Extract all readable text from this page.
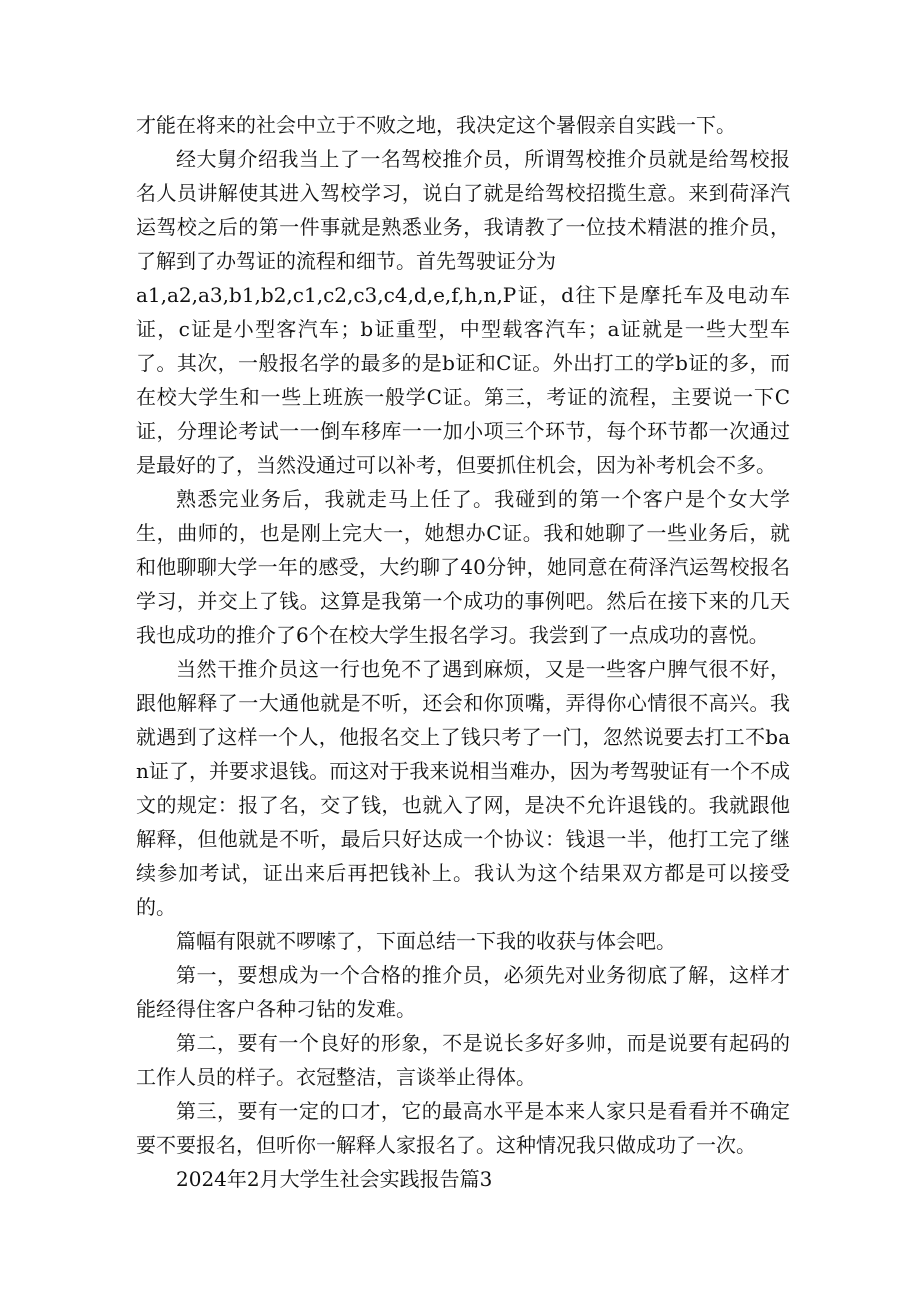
才能在将来的社会中立于不败之地，我决定这个暑假亲自实践一下。

经大舅介绍我当上了一名驾校推介员，所谓驾校推介员就是给驾校报名人员讲解使其进入驾校学习，说白了就是给驾校招揽生意。来到荷泽汽运驾校之后的第一件事就是熟悉业务，我请教了一位技术精湛的推介员，了解到了办驾证的流程和细节。首先驾驶证分为

a1,a2,a3,b1,b2,c1,c2,c3,c4,d,e,f,h,n,P证，d往下是摩托车及电动车证，c证是小型客汽车；b证重型，中型载客汽车；a证就是一些大型车了。其次，一般报名学的最多的是b证和C证。外出打工的学b证的多，而在校大学生和一些上班族一般学C证。第三，考证的流程，主要说一下C证，分理论考试一一倒车移库一一加小项三个环节，每个环节都一次通过是最好的了，当然没通过可以补考，但要抓住机会，因为补考机会不多。

熟悉完业务后，我就走马上任了。我碰到的第一个客户是个女大学生，曲师的，也是刚上完大一，她想办C证。我和她聊了一些业务后，就和他聊聊大学一年的感受，大约聊了40分钟，她同意在荷泽汽运驾校报名学习，并交上了钱。这算是我第一个成功的事例吧。然后在接下来的几天我也成功的推介了6个在校大学生报名学习。我尝到了一点成功的喜悦。

当然干推介员这一行也免不了遇到麻烦，又是一些客户脾气很不好，跟他解释了一大通他就是不听，还会和你顶嘴，弄得你心情很不高兴。我就遇到了这样一个人，他报名交上了钱只考了一门，忽然说要去打工不ban证了，并要求退钱。而这对于我来说相当难办，因为考驾驶证有一个不成文的规定：报了名，交了钱，也就入了网，是决不允许退钱的。我就跟他解释，但他就是不听，最后只好达成一个协议：钱退一半，他打工完了继续参加考试，证出来后再把钱补上。我认为这个结果双方都是可以接受的。

篇幅有限就不啰嗦了，下面总结一下我的收获与体会吧。

第一，要想成为一个合格的推介员，必须先对业务彻底了解，这样才能经得住客户各种刁钻的发难。

第二，要有一个良好的形象，不是说长多好多帅，而是说要有起码的工作人员的样子。衣冠整洁，言谈举止得体。

第三，要有一定的口才，它的最高水平是本来人家只是看看并不确定要不要报名，但听你一解释人家报名了。这种情况我只做成功了一次。

2024年2月大学生社会实践报告篇3
